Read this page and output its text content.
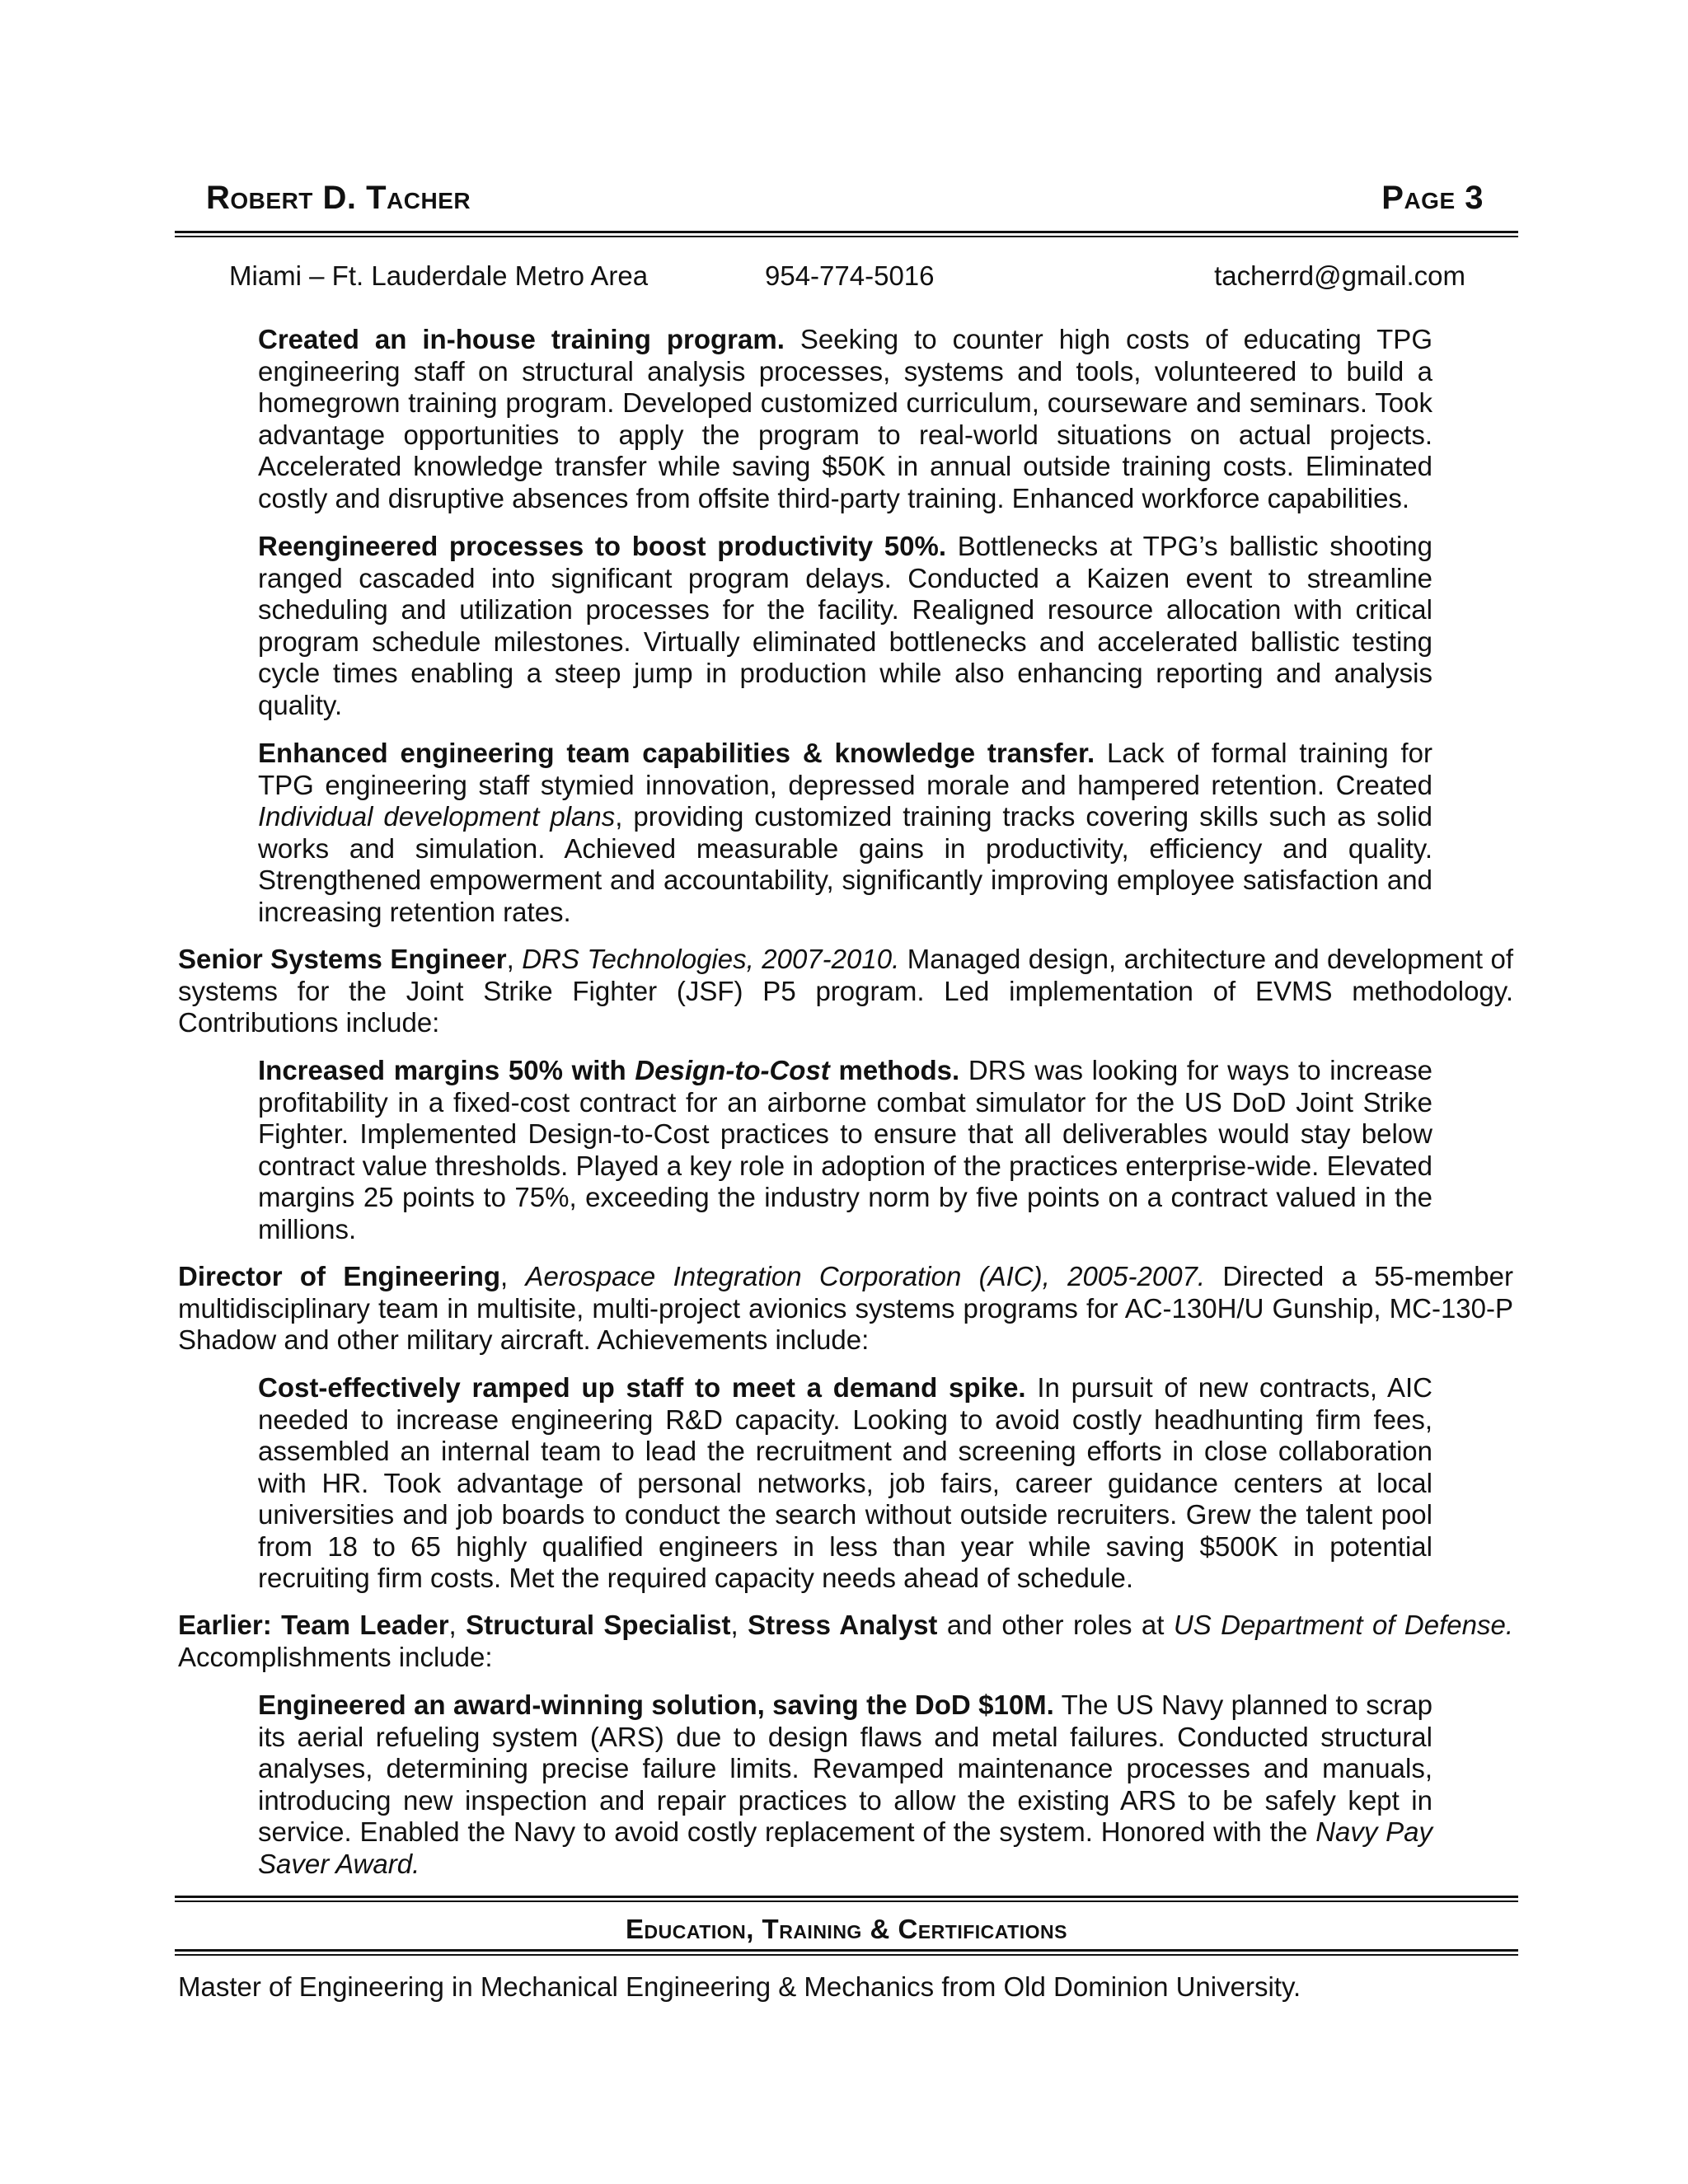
Robert D. Tacher	Page 3
Miami – Ft. Lauderdale Metro Area	954-774-5016	tacherrd@gmail.com

Created an in-house training program. Seeking to counter high costs of educating TPG engineering staff on structural analysis processes, systems and tools, volunteered to build a homegrown training program. Developed customized curriculum, courseware and seminars. Took advantage opportunities to apply the program to real-world situations on actual projects. Accelerated knowledge transfer while saving $50K in annual outside training costs. Eliminated costly and disruptive absences from offsite third-party training. Enhanced workforce capabilities.

Reengineered processes to boost productivity 50%. Bottlenecks at TPG’s ballistic shooting ranged cascaded into significant program delays. Conducted a Kaizen event to streamline scheduling and utilization processes for the facility. Realigned resource allocation with critical program schedule milestones. Virtually eliminated bottlenecks and accelerated ballistic testing cycle times enabling a steep jump in production while also enhancing reporting and analysis quality.

Enhanced engineering team capabilities & knowledge transfer. Lack of formal training for TPG engineering staff stymied innovation, depressed morale and hampered retention. Created Individual development plans, providing customized training tracks covering skills such as solid works and simulation. Achieved measurable gains in productivity, efficiency and quality. Strengthened empowerment and accountability, significantly improving employee satisfaction and increasing retention rates.

Senior Systems Engineer, DRS Technologies, 2007-2010. Managed design, architecture and development of systems for the Joint Strike Fighter (JSF) P5 program. Led implementation of EVMS methodology. Contributions include:

Increased margins 50% with Design-to-Cost methods. DRS was looking for ways to increase profitability in a fixed-cost contract for an airborne combat simulator for the US DoD Joint Strike Fighter. Implemented Design-to-Cost practices to ensure that all deliverables would stay below contract value thresholds. Played a key role in adoption of the practices enterprise-wide. Elevated margins 25 points to 75%, exceeding the industry norm by five points on a contract valued in the millions.

Director of Engineering, Aerospace Integration Corporation (AIC), 2005-2007. Directed a 55-member multidisciplinary team in multisite, multi-project avionics systems programs for AC-130H/U Gunship, MC-130-P Shadow and other military aircraft. Achievements include:

Cost-effectively ramped up staff to meet a demand spike. In pursuit of new contracts, AIC needed to increase engineering R&D capacity. Looking to avoid costly headhunting firm fees, assembled an internal team to lead the recruitment and screening efforts in close collaboration with HR. Took advantage of personal networks, job fairs, career guidance centers at local universities and job boards to conduct the search without outside recruiters. Grew the talent pool from 18 to 65 highly qualified engineers in less than year while saving $500K in potential recruiting firm costs. Met the required capacity needs ahead of schedule.

Earlier: Team Leader, Structural Specialist, Stress Analyst and other roles at US Department of Defense. Accomplishments include:

Engineered an award-winning solution, saving the DoD $10M. The US Navy planned to scrap its aerial refueling system (ARS) due to design flaws and metal failures. Conducted structural analyses, determining precise failure limits. Revamped maintenance processes and manuals, introducing new inspection and repair practices to allow the existing ARS to be safely kept in service. Enabled the Navy to avoid costly replacement of the system. Honored with the Navy Pay Saver Award.

Education, Training & Certifications
Master of Engineering in Mechanical Engineering & Mechanics from Old Dominion University.
